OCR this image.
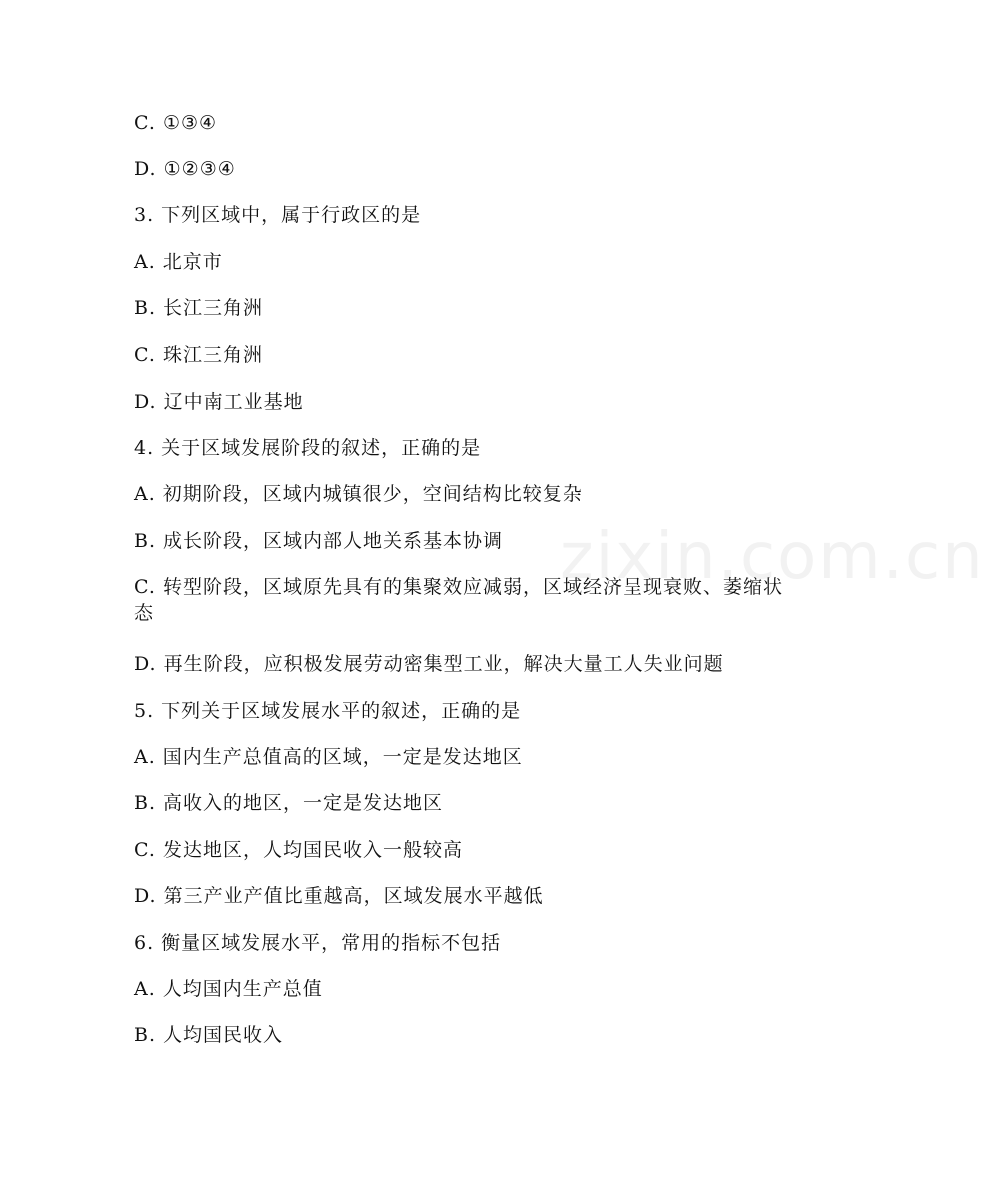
zixin.com.cn
C. ①③④
D. ①②③④
3. 下列区域中，属于行政区的是
A. 北京市
B. 长江三角洲
C. 珠江三角洲
D. 辽中南工业基地
4. 关于区域发展阶段的叙述，正确的是
A. 初期阶段，区域内城镇很少，空间结构比较复杂
B. 成长阶段，区域内部人地关系基本协调
C. 转型阶段，区域原先具有的集聚效应减弱，区域经济呈现衰败、萎缩状态
D. 再生阶段，应积极发展劳动密集型工业，解决大量工人失业问题
5. 下列关于区域发展水平的叙述，正确的是
A. 国内生产总值高的区域，一定是发达地区
B. 高收入的地区，一定是发达地区
C. 发达地区，人均国民收入一般较高
D. 第三产业产值比重越高，区域发展水平越低
6. 衡量区域发展水平，常用的指标不包括
A. 人均国内生产总值
B. 人均国民收入
